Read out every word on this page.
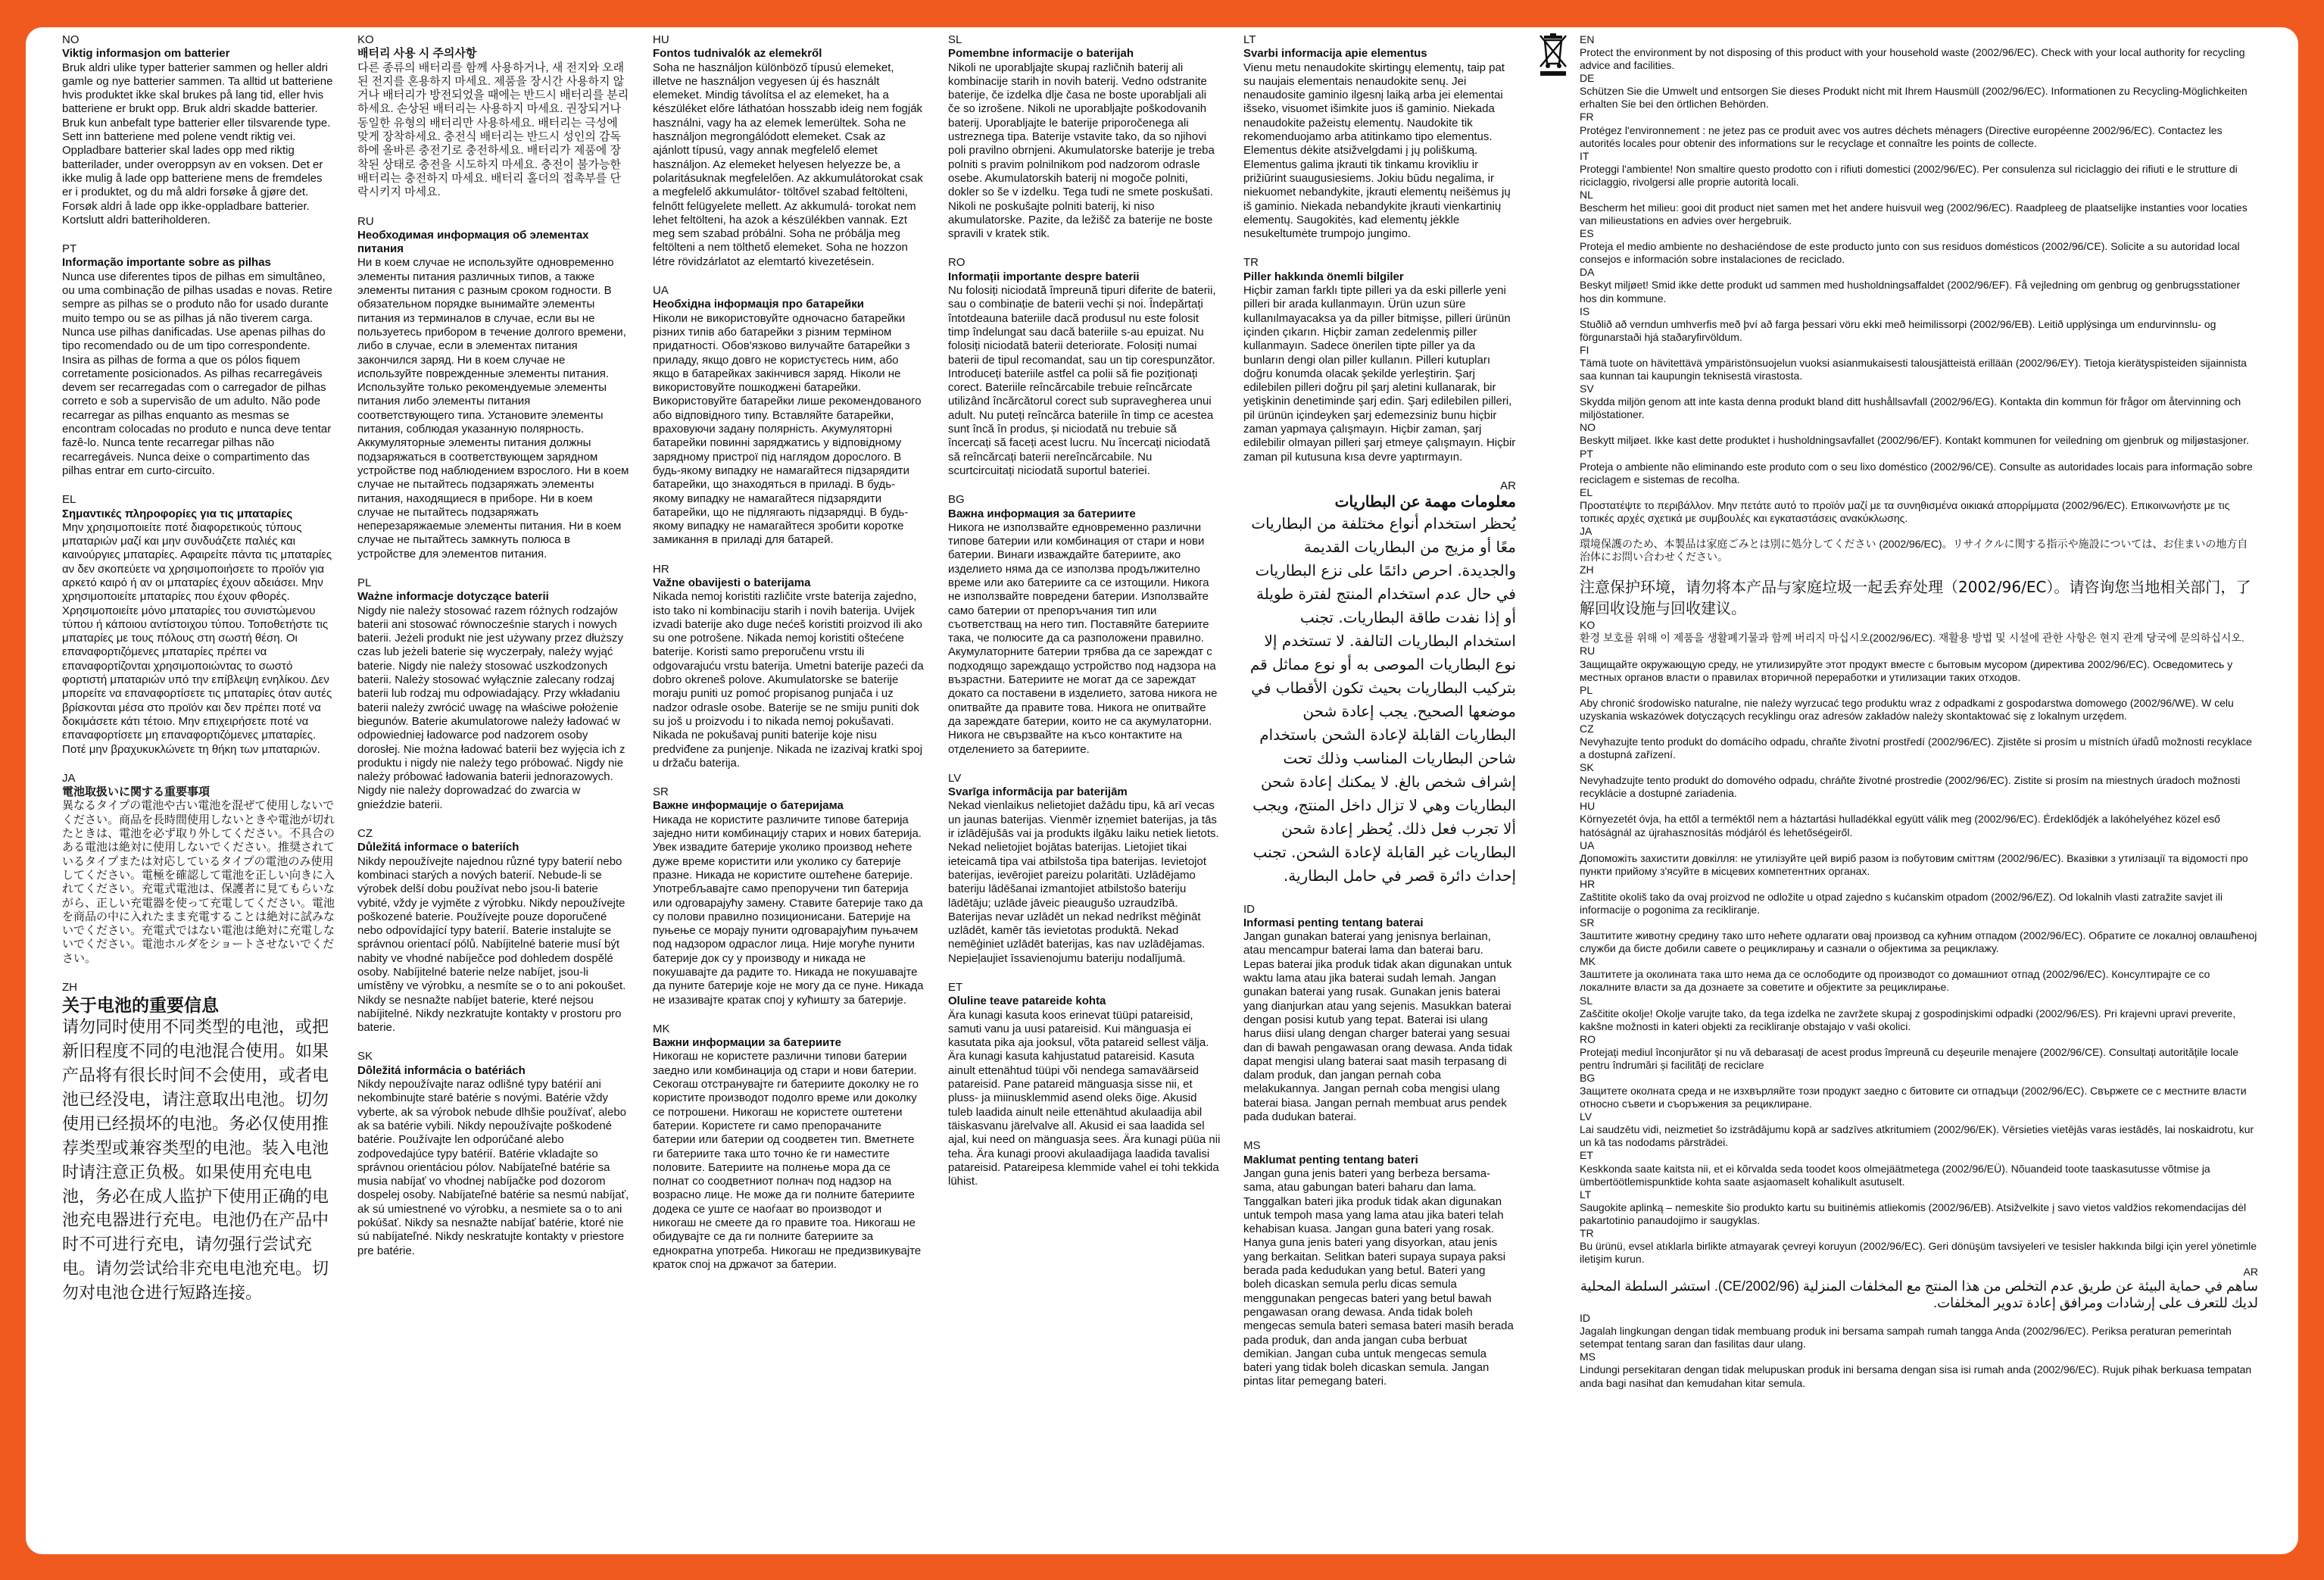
NO
Viktig informasjon om batterier
Bruk aldri ulike typer batterier sammen og heller aldri gamle og nye batterier sammen. Ta alltid ut batteriene hvis produktet ikke skal brukes på lang tid, eller hvis batteriene er brukt opp. Bruk aldri skadde batterier. Bruk kun anbefalt type batterier eller tilsvarende type. Sett inn batteriene med polene vendt riktig vei. Oppladbare batterier skal lades opp med riktig batterilader, under overoppsyn av en voksen. Det er ikke mulig å lade opp batteriene mens de fremdeles er i produktet, og du må aldri forsøke å gjøre det. Forsøk aldri å lade opp ikke-oppladbare batterier. Kortslutt aldri batteriholderen.
PT
Informação importante sobre as pilhas
Nunca use diferentes tipos de pilhas em simultâneo, ou uma combinação de pilhas usadas e novas. Retire sempre as pilhas se o produto não for usado durante muito tempo ou se as pilhas já não tiverem carga. Nunca use pilhas danificadas. Use apenas pilhas do tipo recomendado ou de um tipo correspondente. Insira as pilhas de forma a que os pólos fiquem corretamente posicionados. As pilhas recarregáveis devem ser recarregadas com o carregador de pilhas correto e sob a supervisão de um adulto. Não pode recarregar as pilhas enquanto as mesmas se encontram colocadas no produto e nunca deve tentar fazê-lo. Nunca tente recarregar pilhas não recarregáveis. Nunca deixe o compartimento das pilhas entrar em curto-circuito.
EL
Σημαντικές πληροφορίες για τις μπαταρίες
Μην χρησιμοποιείτε ποτέ διαφορετικούς τύπους μπαταριών μαζί και μην συνδυάζετε παλιές και καινούργιες μπαταρίες. Αφαιρείτε πάντα τις μπαταρίες αν δεν σκοπεύετε να χρησιμοποιήσετε το προϊόν για αρκετό καιρό ή αν οι μπαταρίες έχουν αδειάσει. Μην χρησιμοποιείτε μπαταρίες που έχουν φθορές. Χρησιμοποιείτε μόνο μπαταρίες του συνιστώμενου τύπου ή κάποιου αντίστοιχου τύπου. Τοποθετήστε τις μπαταρίες με τους πόλους στη σωστή θέση. Οι επαναφορτιζόμενες μπαταρίες πρέπει να επαναφορτίζονται χρησιμοποιώντας το σωστό φορτιστή μπαταριών υπό την επίβλεψη ενηλίκου. Δεν μπορείτε να επαναφορτίσετε τις μπαταρίες όταν αυτές βρίσκονται μέσα στο προϊόν και δεν πρέπει ποτέ να δοκιμάσετε κάτι τέτοιο. Μην επιχειρήσετε ποτέ να επαναφορτίσετε μη επαναφορτιζόμενες μπαταρίες. Ποτέ μην βραχυκυκλώνετε τη θήκη των μπαταριών.
JA
電池取扱いに関する重要事項
異なるタイプの電池や古い電池を混ぜて使用しないでください。商品を長時間使用しないときや電池が切れたときは、電池を必ず取り外してください。不具合のある電池は絶対に使用しないでください。推奨されているタイプまたは対応しているタイプの電池のみ使用してください。電極を確認して電池を正しい向きに入れてください。充電式電池は、保護者に見てもらいながら、正しい充電器を使って充電してください。電池を商品の中に入れたまま充電することは絶対に試みないでください。充電式ではない電池は絶対に充電しないでください。電池ホルダをショートさせないでください。
ZH
关于电池的重要信息
请勿同时使用不同类型的电池，或把新旧程度不同的电池混合使用。如果产品将有很长时间不会使用，或者电池已经没电，请注意取出电池。切勿使用已经损坏的电池。务必仅使用推荐类型或兼容类型的电池。装入电池时请注意正负极。如果使用充电电池，务必在成人监护下使用正确的电池充电器进行充电。电池仍在产品中时不可进行充电，请勿强行尝试充电。请勿尝试给非充电电池充电。切勿对电池仓进行短路连接。
KO
배터리 사용 시 주의사항
다른 종류의 배터리를 함께 사용하거나, 새 전지와 오래된 전지를 혼용하지 마세요. 제품을 장시간 사용하지 않거나 배터리가 방전되었을 때에는 반드시 배터리를 분리하세요. 손상된 배터리는 사용하지 마세요. 권장되거나 동일한 유형의 배터리만 사용하세요. 배터리는 극성에 맞게 장착하세요. 충전식 배터리는 반드시 성인의 감독 하에 올바른 충전기로 충전하세요. 배터리가 제품에 장착된 상태로 충전을 시도하지 마세요. 충전이 불가능한 배터리는 충전하지 마세요. 배터리 홀더의 접촉부를 단락시키지 마세요.
RU
Необходимая информация об элементах питания
Ни в коем случае не используйте одновременно элементы питания различных типов, а также элементы питания с разным сроком годности. В обязательном порядке вынимайте элементы питания из терминалов в случае, если вы не пользуетесь прибором в течение долгого времени, либо в случае, если в элементах питания закончился заряд. Ни в коем случае не используйте поврежденные элементы питания. Используйте только рекомендуемые элементы питания либо элементы питания соответствующего типа. Установите элементы питания, соблюдая указанную полярность. Аккумуляторные элементы питания должны подзаряжаться в соответствующем зарядном устройстве под наблюдением взрослого. Ни в коем случае не пытайтесь подзаряжать элементы питания, находящиеся в приборе. Ни в коем случае не пытайтесь подзаряжать неперезаряжаемые элементы питания. Ни в коем случае не пытайтесь замкнуть полюса в устройстве для элементов питания.
PL
Ważne informacje dotyczące baterii
Nigdy nie należy stosować razem różnych rodzajów baterii ani stosować równocześnie starych i nowych baterii. Jeżeli produkt nie jest używany przez dłuższy czas lub jeżeli baterie się wyczerpały, należy wyjąć baterie. Nigdy nie należy stosować uszkodzonych baterii. Należy stosować wyłącznie zalecany rodzaj baterii lub rodzaj mu odpowiadający. Przy wkładaniu baterii należy zwrócić uwagę na właściwe położenie biegunów. Baterie akumulatorowe należy ładować w odpowiedniej ładowarce pod nadzorem osoby dorosłej. Nie można ładować baterii bez wyjęcia ich z produktu i nigdy nie należy tego próbować. Nigdy nie należy próbować ładowania baterii jednorazowych. Nigdy nie należy doprowadzać do zwarcia w gnieździe baterii.
CZ
Důležitá informace o bateriích
Nikdy nepoužívejte najednou různé typy baterií nebo kombinaci starých a nových baterií. Nebude-li se výrobek delší dobu používat nebo jsou-li baterie vybité, vždy je vyjměte z výrobku. Nikdy nepoužívejte poškozené baterie. Používejte pouze doporučené nebo odpovídající typy baterií. Baterie instalujte se správnou orientací pólů. Nabíjitelné baterie musí být nabity ve vhodné nabíječce pod dohledem dospělé osoby. Nabíjitelné baterie nelze nabíjet, jsou-li umístěny ve výrobku, a nesmíte se o to ani pokoušet. Nikdy se nesnažte nabíjet baterie, které nejsou nabíjitelné. Nikdy nezkratujte kontakty v prostoru pro baterie.
SK
Dôležitá informácia o batériách
Nikdy nepoužívajte naraz odlišné typy batérií ani nekombinujte staré batérie s novými. Batérie vždy vyberte, ak sa výrobok nebude dlhšie používať, alebo ak sa batérie vybili. Nikdy nepoužívajte poškodené batérie. Používajte len odporúčané alebo zodpovedajúce typy batérií. Batérie vkladajte so správnou orientáciou pólov. Nabíjateľné batérie sa musia nabíjať vo vhodnej nabíjačke pod dozorom dospelej osoby. Nabíjateľné batérie sa nesmú nabíjať, ak sú umiestnené vo výrobku, a nesmiete sa o to ani pokúšať. Nikdy sa nesnažte nabíjať batérie, ktoré nie sú nabíjateľné. Nikdy neskratujte kontakty v priestore pre batérie.
HU
Fontos tudnivalók az elemekről
Soha ne használjon különböző típusú elemeket, illetve ne használjon vegyesen új és használt elemeket. Mindig távolítsa el az elemeket, ha a készüléket előre láthatóan hosszabb ideig nem fogják használni, vagy ha az elemek lemerültek. Soha ne használjon megrongálódott elemeket. Csak az ajánlott típusú, vagy annak megfelelő elemet használjon. Az elemeket helyesen helyezze be, a polaritásuknak megfelelően. Az akkumulátorokat csak a megfelelő akkumulátor- töltővel szabad feltölteni, felnőtt felügyelete mellett. Az akkumulá- torokat nem lehet feltölteni, ha azok a készülékben vannak. Ezt meg sem szabad próbálni. Soha ne próbálja meg feltölteni a nem tölthető elemeket. Soha ne hozzon létre rövidzárlatot az elemtartó kivezetésein.
UA
Необхідна інформація про батарейки
Ніколи не використовуйте одночасно батарейки різних типів або батарейки з різним терміном придатності. Обов'язково вилучайте батарейки з приладу, якщо довго не користуєтесь ним, або якщо в батарейках закінчився заряд. Ніколи не використовуйте пошкоджені батарейки. Використовуйте батарейки лише рекомендованого або відповідного типу. Вставляйте батарейки, враховуючи задану полярність. Акумуляторні батарейки повинні заряджатись у відповідному зарядному пристрої під наглядом дорослого. В будь-якому випадку не намагайтеся підзарядити батарейки, що знаходяться в приладі. В будь-якому випадку не намагайтеся підзарядити батарейки, що не підлягають підзарядці. В будь-якому випадку не намагайтеся зробити коротке замикання в приладі для батарей.
HR
Važne obavijesti o baterijama
Nikada nemoj koristiti različite vrste baterija zajedno, isto tako ni kombinaciju starih i novih baterija. Uvijek izvadi baterije ako duge nećeš koristiti proizvod ili ako su one potrošene. Nikada nemoj koristiti oštećene baterije. Koristi samo preporučenu vrstu ili odgovarajuću vrstu baterija. Umetni baterije pazeći da dobro okreneš polove. Akumulatorske se baterije moraju puniti uz pomoć propisanog punjača i uz nadzor odrasle osobe. Baterije se ne smiju puniti dok su još u proizvodu i to nikada nemoj pokušavati. Nikada ne pokušavaj puniti baterije koje nisu predviđene za punjenje. Nikada ne izazivaj kratki spoj u držaču baterija.
SR
Важне информације о батеријама
Никада не користите различите типове батерија заједно нити комбинацију старих и нових батерија. Увек извадите батерије уколико производ нећете дуже време користити или уколико су батерије празне. Никада не користите оштећене батерије. Употребљавајте само препоручени тип батерија или одговарајућу замену. Ставите батерије тако да су полови правилно позиционисани. Батерије на пуњење се морају пунити одговарајућим пуњачем под надзором одраслог лица. Није могуће пунити батерије док су у производу и никада не покушавајте да радите то. Никада не покушавајте да пуните батерије које не могу да се пуне. Никада не изазивајте кратак спој у кућишту за батерије.
MK
Важни информации за батериите
Никогаш не користете различни типови батерии заедно или комбинација од стари и нови батерии. Секогаш отстранувајте ги батериите доколку не го користите производот подолго време или доколку се потрошени. Никогаш не користете оштетени батерии. Користете ги само препорачаните батерии или батерии од соодветен тип. Вметнете ги батериите така што точно ќе ги наместите половите. Батериите на полнење мора да се полнат со соодветниот полнач под надзор на возрасно лице. Не може да ги полните батериите додека се уште се наоѓаат во производот и никогаш не смеете да го правите тоа. Никогаш не обидувајте се да ги полните батериите за еднократна употреба. Никогаш не предизвикувајте краток спој на држачот за батерии.
SL
Pomembne informacije o baterijah
Nikoli ne uporabljajte skupaj različnih baterij ali kombinacije starih in novih baterij. Vedno odstranite baterije, če izdelka dlje časa ne boste uporabljali ali če so izrošene. Nikoli ne uporabljajte poškodovanih baterij. Uporabljajte le baterije priporočenega ali ustreznega tipa. Baterije vstavite tako, da so njihovi poli pravilno obrnjeni. Akumulatorske baterije je treba polniti s pravim polnilnikom pod nadzorom odrasle osebe. Akumulatorskih baterij ni mogoče polniti, dokler so še v izdelku. Tega tudi ne smete poskušati. Nikoli ne poskušajte polniti baterij, ki niso akumulatorske. Pazite, da ležišč za baterije ne boste spravili v kratek stik.
RO
Informații importante despre baterii
Nu folosiți niciodată împreună tipuri diferite de baterii, sau o combinație de baterii vechi și noi. Îndepărtați întotdeauna bateriile dacă produsul nu este folosit timp îndelungat sau dacă bateriile s-au epuizat. Nu folosiți niciodată baterii deteriorate. Folosiți numai baterii de tipul recomandat, sau un tip corespunzător. Introduceți bateriile astfel ca polii să fie poziționați corect. Bateriile reîncărcabile trebuie reîncărcate utilizând încărcătorul corect sub supravegherea unui adult. Nu puteți reîncărca bateriile în timp ce acestea sunt încă în produs, și niciodată nu trebuie să încercați să faceți acest lucru. Nu încercați niciodată să reîncărcați baterii nereîncărcabile. Nu scurtcircuitați niciodată suportul bateriei.
BG
Важна информация за батериите
Никога не използвайте едновременно различни типове батерии или комбинация от стари и нови батерии. Винаги изваждайте батериите, ако изделието няма да се използва продължително време или ако батериите са се изтощили. Никога не използвайте повредени батерии. Използвайте само батерии от препоръчания тип или съответстващ на него тип. Поставяйте батериите така, че полюсите да са разположени правилно. Акумулаторните батерии трябва да се зареждат с подходящо зареждащо устройство под надзора на възрастни. Батериите не могат да се зареждат докато са поставени в изделието, затова никога не опитвайте да правите това. Никога не опитвайте да зареждате батерии, които не са акумулаторни. Никога не свързвайте на късо контактите на отделението за батериите.
LV
Svarīga informācija par baterijām
Nekad vienlaikus nelietojiet dažādu tipu, kā arī vecas un jaunas baterijas. Vienmēr izņemiet baterijas, ja tās ir izlādējušās vai ja produkts ilgāku laiku netiek lietots. Nekad nelietojiet bojātas baterijas. Lietojiet tikai ieteicamā tipa vai atbilstoša tipa baterijas. Ievietojot baterijas, ievērojiet pareizu polaritāti. Uzlādējamo bateriju lādēšanai izmantojiet atbilstošo bateriju lādētāju; uzlāde jāveic pieaugušo uzraudzībā. Baterijas nevar uzlādēt un nekad nedrīkst mēģināt uzlādēt, kamēr tās ievietotas produktā. Nekad nemēģiniet uzlādēt baterijas, kas nav uzlādējamas. Nepieļaujiet īssavienojumu bateriju nodalījumā.
ET
Oluline teave patareide kohta
Ära kunagi kasuta koos erinevat tüüpi patareisid, samuti vanu ja uusi patareisid. Kui mänguasja ei kasutata pika aja jooksul, võta patareid sellest välja. Ära kunagi kasuta kahjustatud patareisid. Kasuta ainult ettenähtud tüüpi või nendega samaväärseid patareisid. Pane patareid mänguasja sisse nii, et pluss- ja miinusklemmid asend oleks õige. Akusid tuleb laadida ainult neile ettenähtud akulaadija abil täiskasvanu järelvalve all. Akusid ei saa laadida sel ajal, kui need on mänguasja sees. Ära kunagi püüa nii teha. Ära kunagi proovi akulaadijaga laadida tavalisi patareisid. Patareipesa klemmide vahel ei tohi tekkida lühist.
LT
Svarbi informacija apie elementus
Vienu metu nenaudokite skirtingų elementų, taip pat su naujais elementais nenaudokite senų. Jei nenaudosite gaminio ilgesnį laiką arba jei elementai išseko, visuomet išimkite juos iš gaminio. Niekada nenaudokite pažeistų elementų. Naudokite tik rekomenduojamo arba atitinkamo tipo elementus. Elementus dėkite atsižvelgdami į jų poliškumą. Elementus galima įkrauti tik tinkamu krovikliu ir prižiūrint suaugusiesiems. Jokiu būdu negalima, ir niekuomet nebandykite, įkrauti elementų neišėmus jų iš gaminio. Niekada nebandykite įkrauti vienkartinių elementų. Saugokitės, kad elementų jėkkle nesukeltumėte trumpojo jungimo.
TR
Piller hakkında önemli bilgiler
Hiçbir zaman farklı tipte pilleri ya da eski pillerle yeni pilleri bir arada kullanmayın. Ürün uzun süre kullanılmayacaksa ya da piller bitmişse, pilleri ürünün içinden çıkarın. Hiçbir zaman zedelenmiş piller kullanmayın. Sadece önerilen tipte piller ya da bunların dengi olan piller kullanın. Pilleri kutupları doğru konumda olacak şekilde yerleştirin. Şarj edilebilen pilleri doğru pil şarj aletini kullanarak, bir yetişkinin denetiminde şarj edin. Şarj edilebilen pilleri, pil ürünün içindeyken şarj edemezsiniz bunu hiçbir zaman yapmaya çalışmayın. Hiçbir zaman, şarj edilebilir olmayan pilleri şarj etmeye çalışmayın. Hiçbir zaman pil kutusuna kısa devre yaptırmayın.
AR
معلومات مهمة عن البطاريات
يُحظر استخدام أنواع مختلفة من البطاريات معًا أو مزيج من البطاريات القديمة والجديدة. احرص دائمًا على نزع البطاريات في حال عدم استخدام المنتج لفترة طويلة أو إذا نفدت طاقة البطاريات. تجنب استخدام البطاريات التالفة. لا تستخدم إلا نوع البطاريات الموصى به أو نوع مماثل قم بتركيب البطاريات بحيث تكون الأقطاب في موضعها الصحيح. يجب إعادة شحن البطاريات القابلة لإعادة الشحن باستخدام شاحن البطاريات المناسب وذلك تحت إشراف شخص بالغ. لا يمكنك إعادة شحن البطاريات وهي لا تزال داخل المنتج، ويجب ألا تجرب فعل ذلك. يُحظر إعادة شحن البطاريات غير القابلة لإعادة الشحن. تجنب إحداث دائرة قصر في حامل البطارية.
ID
Informasi penting tentang baterai
Jangan gunakan baterai yang jenisnya berlainan, atau mencampur baterai lama dan baterai baru. Lepas baterai jika produk tidak akan digunakan untuk waktu lama atau jika baterai sudah lemah. Jangan gunakan baterai yang rusak. Gunakan jenis baterai yang dianjurkan atau yang sejenis. Masukkan baterai dengan posisi kutub yang tepat. Baterai isi ulang harus diisi ulang dengan charger baterai yang sesuai dan di bawah pengawasan orang dewasa. Anda tidak dapat mengisi ulang baterai saat masih terpasang di dalam produk, dan jangan pernah coba melakukannya. Jangan pernah coba mengisi ulang baterai biasa. Jangan pernah membuat arus pendek pada dudukan baterai.
MS
Maklumat penting tentang bateri
Jangan guna jenis bateri yang berbeza bersama-sama, atau gabungan bateri baharu dan lama. Tanggalkan bateri jika produk tidak akan digunakan untuk tempoh masa yang lama atau jika bateri telah kehabisan kuasa. Jangan guna bateri yang rosak. Hanya guna jenis bateri yang disyorkan, atau jenis yang berkaitan. Selitkan bateri supaya supaya paksi berada pada kedudukan yang betul. Bateri yang boleh dicaskan semula perlu dicas semula menggunakan pengecas bateri yang betul bawah pengawasan orang dewasa. Anda tidak boleh mengecas semula bateri semasa bateri masih berada pada produk, dan anda jangan cuba berbuat demikian. Jangan cuba untuk mengecas semula bateri yang tidak boleh dicaskan semula. Jangan pintas litar pemegang bateri.
EN
Protect the environment by not disposing of this product with your household waste (2002/96/EC). Check with your local authority for recycling advice and facilities.
DE
Schützen Sie die Umwelt und entsorgen Sie dieses Produkt nicht mit Ihrem Hausmüll (2002/96/EC). Informationen zu Recycling-Möglichkeiten erhalten Sie bei den örtlichen Behörden.
FR
Protégez l'environnement : ne jetez pas ce produit avec vos autres déchets ménagers (Directive européenne 2002/96/EC). Contactez les autorités locales pour obtenir des informations sur le recyclage et connaître les points de collecte.
IT
Proteggi l'ambiente! Non smaltire questo prodotto con i rifiuti domestici (2002/96/EC). Per consulenza sul riciclaggio dei rifiuti e le strutture di riciclaggio, rivolgersi alle proprie autorità locali.
NL
Bescherm het milieu: gooi dit product niet samen met het andere huisvuil weg (2002/96/EC). Raadpleeg de plaatselijke instanties voor locaties van milieustations en advies over hergebruik.
ES
Proteja el medio ambiente no deshaciéndose de este producto junto con sus residuos domésticos (2002/96/CE). Solicite a su autoridad local consejos e información sobre instalaciones de reciclado.
DA
Beskyt miljøet! Smid ikke dette produkt ud sammen med husholdningsaffaldet (2002/96/EF). Få vejledning om genbrug og genbrugsstationer hos din kommune.
IS
Stuðlið að verndun umhverfis með því að farga þessari vöru ekki með heimilissorpi (2002/96/EB). Leitið upplýsinga um endurvinnslu- og förgunarstaði hjá staðaryfirvöldum.
FI
Tämä tuote on hävitettävä ympäristönsuojelun vuoksi asianmukaisesti talousjätteistä erillään (2002/96/EY). Tietoja kierätyspisteiden sijainnista saa kunnan tai kaupungin teknisestä virastosta.
SV
Skydda miljön genom att inte kasta denna produkt bland ditt hushållsavfall (2002/96/EG). Kontakta din kommun för frågor om återvinning och miljöstationer.
NO
Beskytt miljøet. Ikke kast dette produktet i husholdningsavfallet (2002/96/EF). Kontakt kommunen for veiledning om gjenbruk og miljøstasjoner.
PT
Proteja o ambiente não eliminando este produto com o seu lixo doméstico (2002/96/CE). Consulte as autoridades locais para informação sobre reciclagem e sistemas de recolha.
EL
Προστατέψτε το περιβάλλον. Μην πετάτε αυτό το προϊόν μαζί με τα συνηθισμένα οικιακά απορρίμματα (2002/96/EC). Επικοινωνήστε με τις τοπικές αρχές σχετικά με συμβουλές και εγκαταστάσεις ανακύκλωσης.
JA
環境保護のため、本製品は家庭ごみとは別に処分してください (2002/96/EC)。リサイクルに関する指示や施設については、お住まいの地方自治体にお問い合わせください。
ZH
注意保护环境，请勿将本产品与家庭垃圾一起丢弃处理（2002/96/EC）。请咨询您当地相关部门，了解回收设施与回收建议。
KO
환경 보호를 위해 이 제품을 생활폐기물과 함께 버리지 마십시오(2002/96/EC). 재활용 방법 및 시설에 관한 사항은 현지 관계 당국에 문의하십시오.
RU
Защищайте окружающую среду, не утилизируйте этот продукт вместе с бытовым мусором (директива 2002/96/EC). Осведомитесь у местных органов власти о правилах вторичной переработки и утилизации таких отходов.
PL
Aby chronić środowisko naturalne, nie należy wyrzucać tego produktu wraz z odpadkami z gospodarstwa domowego (2002/96/WE). W celu uzyskania wskazówek dotyczących recyklingu oraz adresów zakładów należy skontaktować się z lokalnym urzędem.
CZ
Nevyhazujte tento produkt do domácího odpadu, chraňte životní prostředí (2002/96/EC). Zjistěte si prosím u místních úřadů možnosti recyklace a dostupná zařízení.
SK
Nevyhadzujte tento produkt do domového odpadu, chráňte životné prostredie (2002/96/EC). Zistite si prosím na miestnych úradoch možnosti recyklácie a dostupné zariadenia.
HU
Környezetét óvja, ha ettől a terméktől nem a háztartási hulladékkal együtt válik meg (2002/96/EC). Érdeklődjék a lakóhelyéhez közel eső hatóságnál az újrahasznosítás módjáról és lehetőségeiről.
UA
Допоможіть захистити довкілля: не утилізуйте цей виріб разом із побутовим сміттям (2002/96/EC). Вказівки з утилізації та відомості про пункти прийому з'ясуйте в місцевих компетентних органах.
HR
Zaštitite okoliš tako da ovaj proizvod ne odložite u otpad zajedno s kućanskim otpadom (2002/96/EZ). Od lokalnih vlasti zatražite savjet ili informacije o pogonima za recikliranje.
SR
Заштитите животну средину тако што нећете одлагати овај производ са кућним отпадом (2002/96/EC). Обратите се локалној овлашћеној служби да бисте добили савете о рециклирању и сазнали о објектима за рециклажу.
MK
Заштитете ја околината така што нема да се ослободите од производот со домашниот отпад (2002/96/EC). Консултирајте се со локалните власти за да дознаете за советите и објектите за рециклирање.
SL
Zaščitite okolje! Okolje varujte tako, da tega izdelka ne zavržete skupaj z gospodinjskimi odpadki (2002/96/ES). Pri krajevni upravi preverite, kakšne možnosti in kateri objekti za recikliranje obstajajo v vaši okolici.
RO
Protejați mediul înconjurător și nu vă debarasați de acest produs împreună cu deșeurile menajere (2002/96/CE). Consultați autoritățile locale pentru îndrumări și facilități de reciclare
BG
Защитете околната среда и не изхвърляйте този продукт заедно с битовите си отпадъци (2002/96/EC). Свържете се с местните власти относно съвети и съоръжения за рециклиране.
LV
Lai saudzētu vidi, neizmetiet šo izstrādājumu kopā ar sadzīves atkritumiem (2002/96/EK). Vērsieties vietējās varas iestādēs, lai noskaidrotu, kur un kā tas nododams pārstrādei.
ET
Keskkonda saate kaitsta nii, et ei kõrvalda seda toodet koos olmejäätmetega (2002/96/EÜ). Nõuandeid toote taaskasutusse võtmise ja ümbertöötlemispunktide kohta saate asjaomaselt kohalikult asutuselt.
LT
Saugokite aplinką – nemeskite šio produkto kartu su buitinėmis atliekomis (2002/96/EB). Atsižvelkite į savo vietos valdžios rekomendacijas dėl pakartotinio panaudojimo ir saugyklas.
TR
Bu ürünü, evsel atıklarla birlikte atmayarak çevreyi koruyun (2002/96/EC). Geri dönüşüm tavsiyeleri ve tesisler hakkında bilgi için yerel yönetimle iletişim kurun.
AR
ساهم في حماية البيئة عن طريق عدم التخلص من هذا المنتج مع المخلفات المنزلية (CE/2002/96). استشر السلطة المحلية لديك للتعرف على إرشادات ومرافق إعادة تدوير المخلفات.
ID
Jagalah lingkungan dengan tidak membuang produk ini bersama sampah rumah tangga Anda (2002/96/EC). Periksa peraturan pemerintah setempat tentang saran dan fasilitas daur ulang.
MS
Lindungi persekitaran dengan tidak melupuskan produk ini bersama dengan sisa isi rumah anda (2002/96/EC). Rujuk pihak berkuasa tempatan anda bagi nasihat dan kemudahan kitar semula.
